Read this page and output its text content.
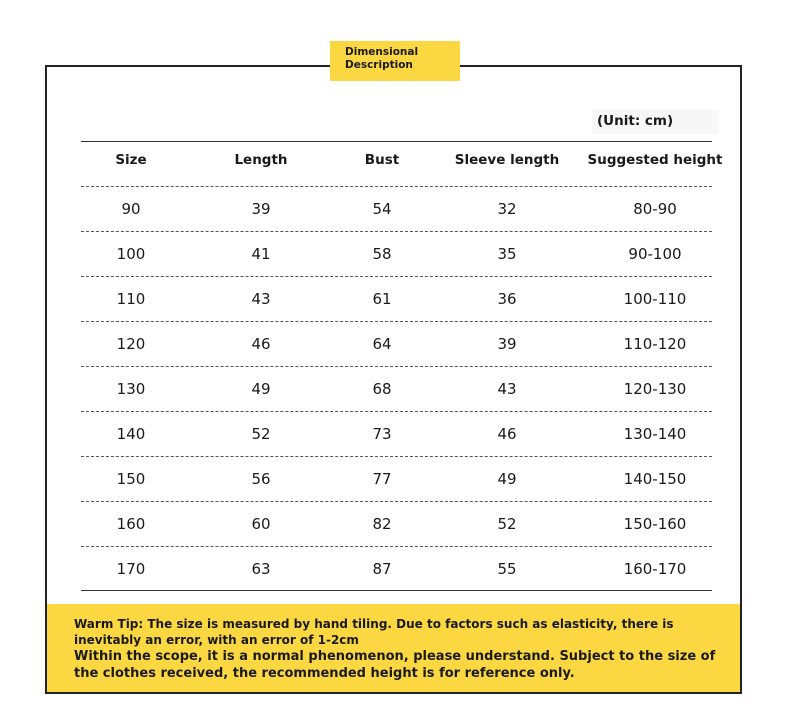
Dimensional
Description
(Unit: cm)
Size	Length	Bust	Sleeve length	Suggested height
90	39	54	32	80-90
100	41	58	35	90-100
110	43	61	36	100-110
120	46	64	39	110-120
130	49	68	43	120-130
140	52	73	46	130-140
150	56	77	49	140-150
160	60	82	52	150-160
170	63	87	55	160-170
Warm Tip: The size is measured by hand tiling. Due to factors such as elasticity, there is inevitably an error, with an error of 1-2cm
Within the scope, it is a normal phenomenon, please understand. Subject to the size of the clothes received, the recommended height is for reference only.
